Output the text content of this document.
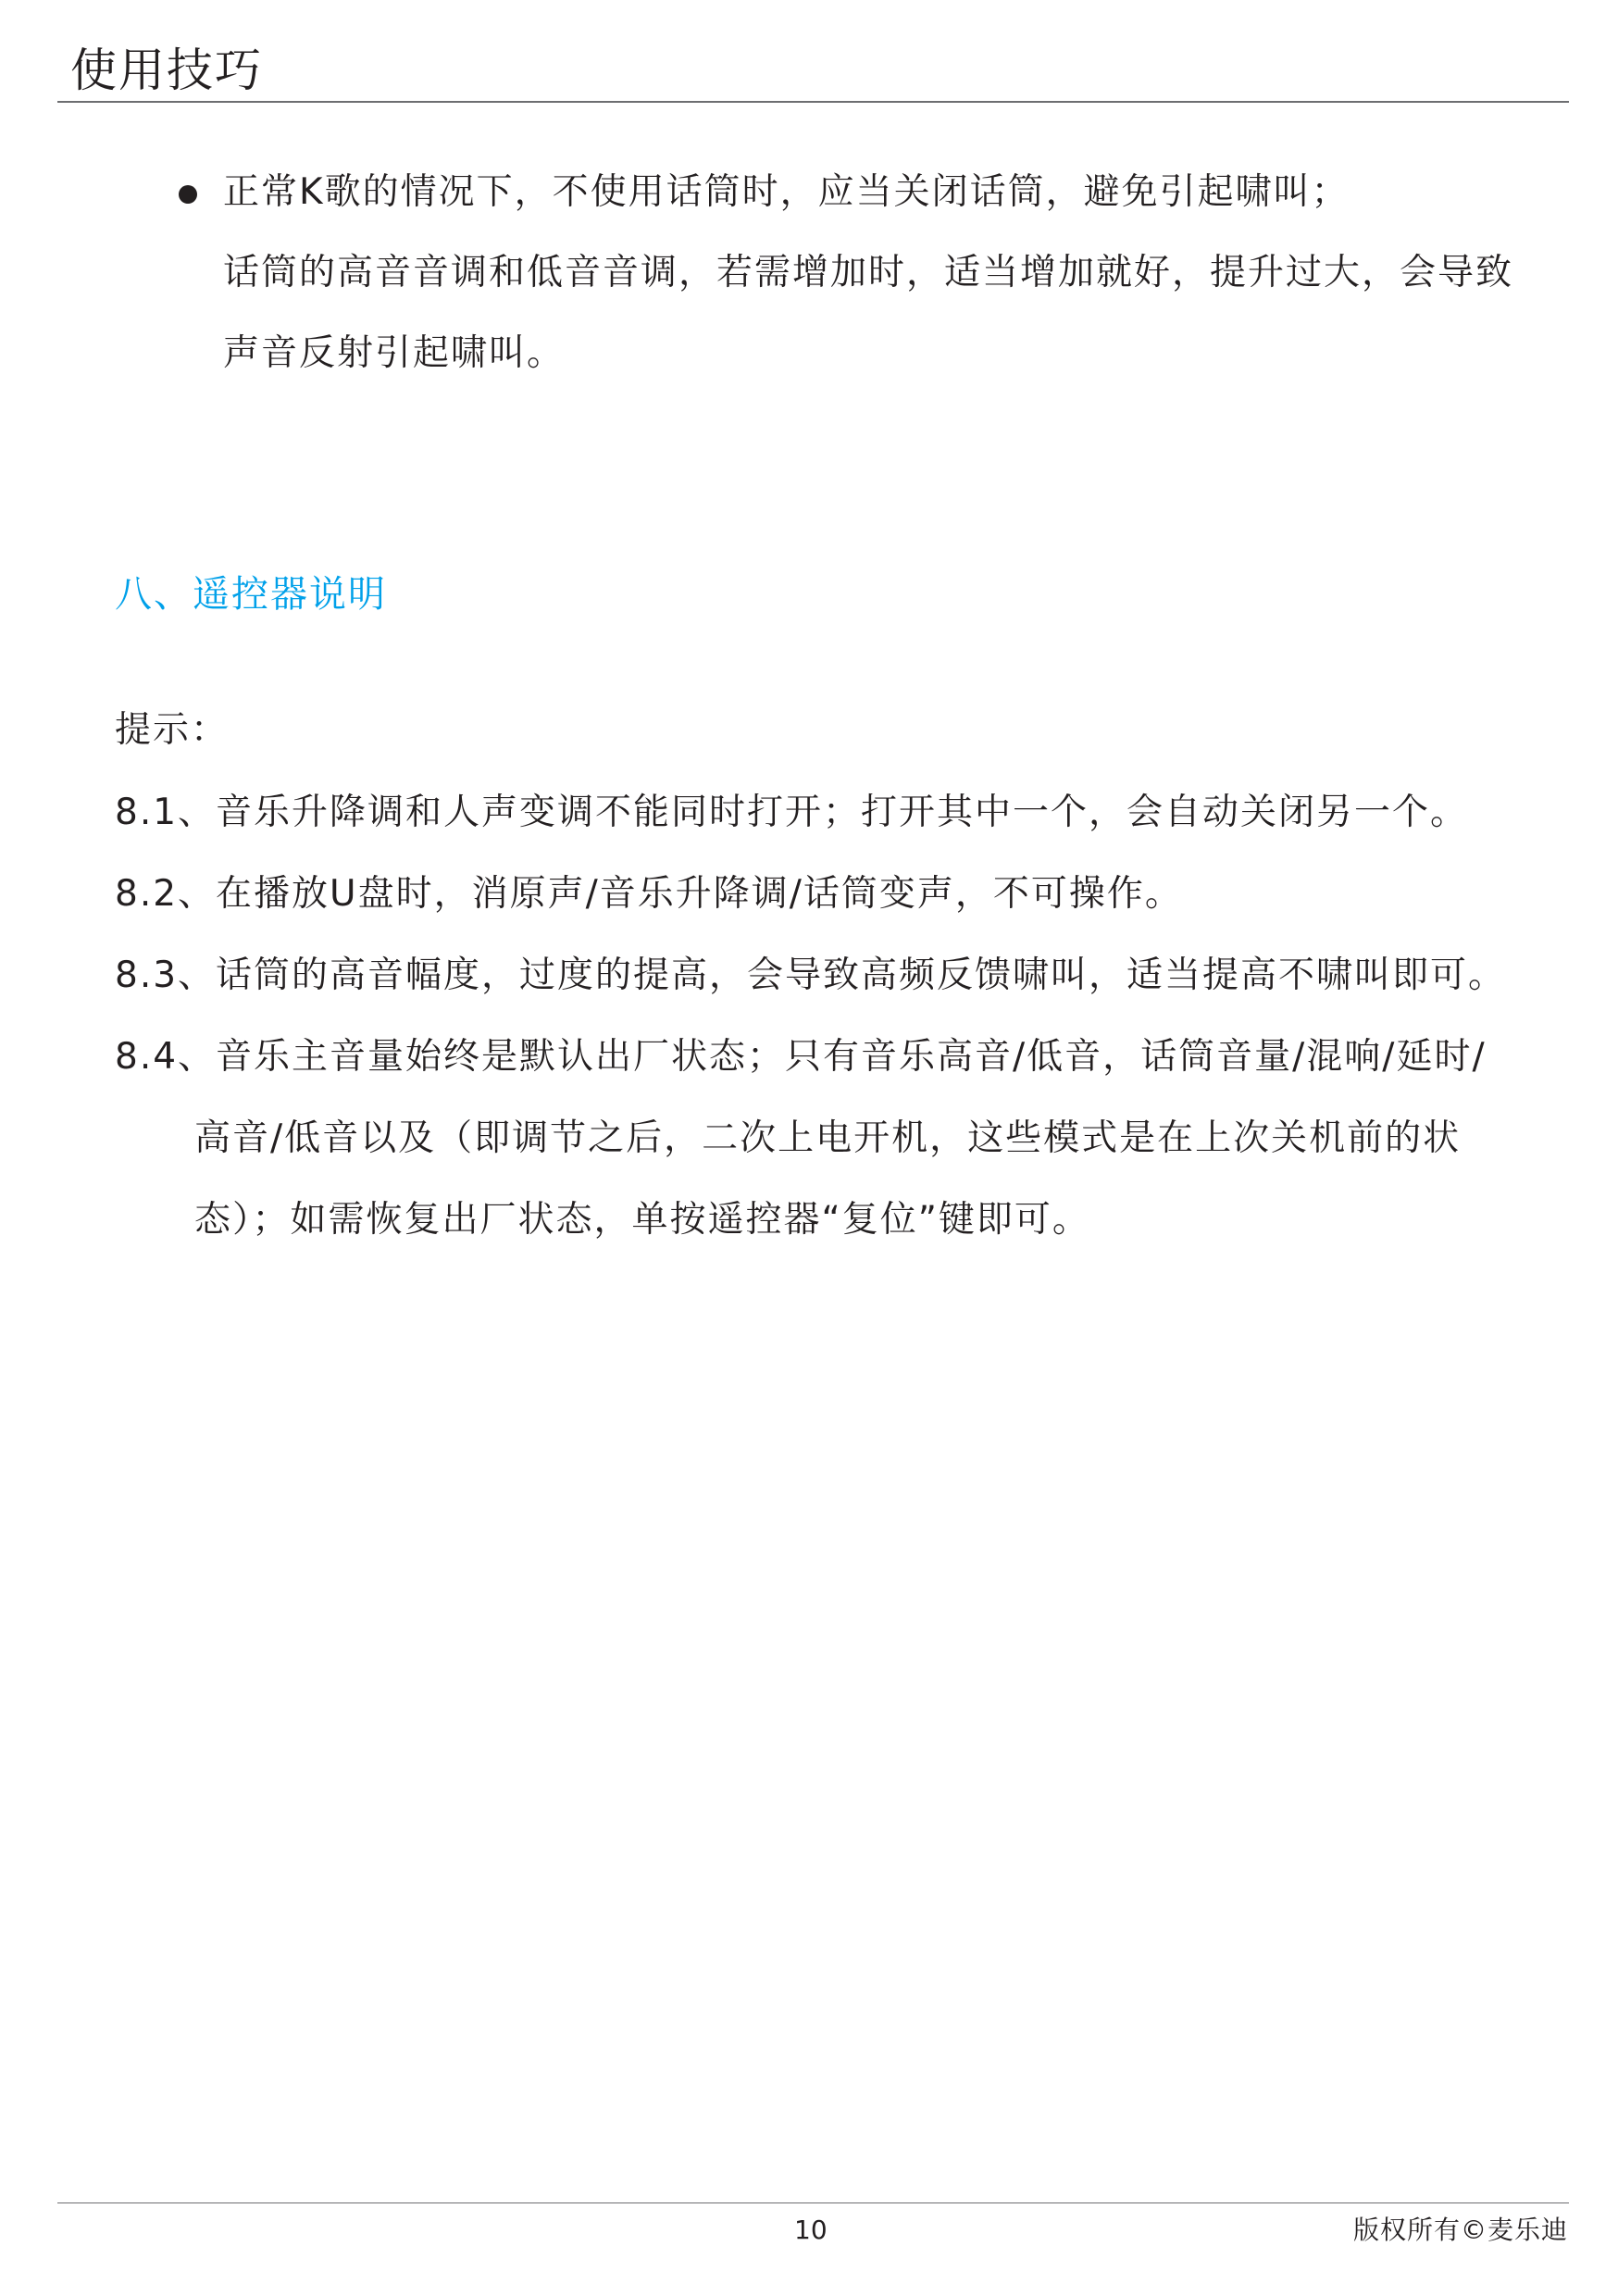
使用技巧
正常K歌的情况下，不使用话筒时，应当关闭话筒，避免引起啸叫；
话筒的高音音调和低音音调，若需增加时，适当增加就好，提升过大，会导致
声音反射引起啸叫。
八、遥控器说明
提示：
8.1、音乐升降调和人声变调不能同时打开；打开其中一个，会自动关闭另一个。
8.2、在播放U盘时，消原声/音乐升降调/话筒变声，不可操作。
8.3、话筒的高音幅度，过度的提高，会导致高频反馈啸叫，适当提高不啸叫即可。
8.4、音乐主音量始终是默认出厂状态；只有音乐高音/低音，话筒音量/混响/延时/
高音/低音以及（即调节之后，二次上电开机，这些模式是在上次关机前的状
态）；如需恢复出厂状态，单按遥控器“复位”键即可。
10	版权所有©麦乐迪
